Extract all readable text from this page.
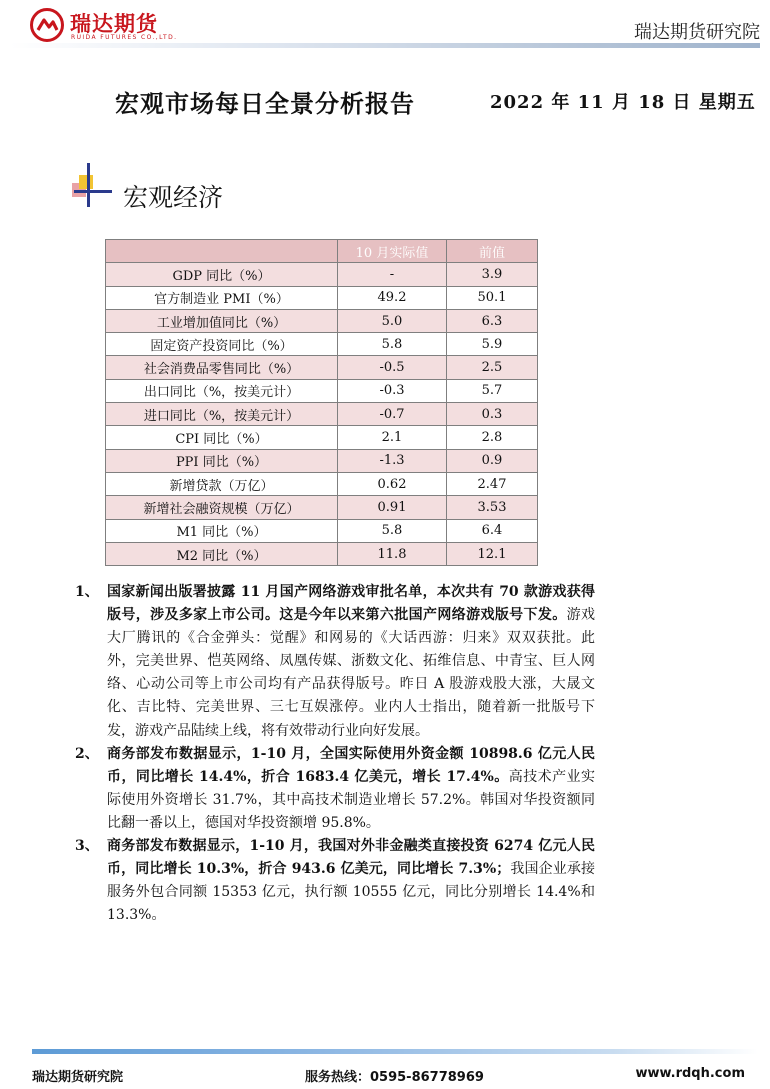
瑞达期货
RUIDA FUTURES CO.,LTD.	瑞达期货研究院
宏观市场每日全景分析报告	2022 年 11 月 18 日 星期五
宏观经济
	10 月实际值	前值
GDP 同比（%）	-	3.9
官方制造业 PMI（%）	49.2	50.1
工业增加值同比（%）	5.0	6.3
固定资产投资同比（%）	5.8	5.9
社会消费品零售同比（%）	-0.5	2.5
出口同比（%，按美元计）	-0.3	5.7
进口同比（%，按美元计）	-0.7	0.3
CPI 同比（%）	2.1	2.8
PPI 同比（%）	-1.3	0.9
新增贷款（万亿）	0.62	2.47
新增社会融资规模（万亿）	0.91	3.53
M1 同比（%）	5.8	6.4
M2 同比（%）	11.8	12.1
1、 国家新闻出版署披露 11 月国产网络游戏审批名单，本次共有 70 款游戏获得版号，涉及多家上市公司。这是今年以来第六批国产网络游戏版号下发。游戏大厂腾讯的《合金弹头：觉醒》和网易的《大话西游：归来》双双获批。此外，完美世界、恺英网络、凤凰传媒、浙数文化、拓维信息、中青宝、巨人网络、心动公司等上市公司均有产品获得版号。昨日 A 股游戏股大涨，大晟文化、吉比特、完美世界、三七互娱涨停。业内人士指出，随着新一批版号下发，游戏产品陆续上线，将有效带动行业向好发展。
2、 商务部发布数据显示，1-10 月，全国实际使用外资金额 10898.6 亿元人民币，同比增长 14.4%，折合 1683.4 亿美元，增长 17.4%。高技术产业实际使用外资增长 31.7%，其中高技术制造业增长 57.2%。韩国对华投资额同比翻一番以上，德国对华投资额增 95.8%。
3、 商务部发布数据显示，1-10 月，我国对外非金融类直接投资 6274 亿元人民币，同比增长 10.3%，折合 943.6 亿美元，同比增长 7.3%；我国企业承接服务外包合同额 15353 亿元，执行额 10555 亿元，同比分别增长 14.4%和 13.3%。
瑞达期货研究院	服务热线：0595-86778969	www.rdqh.com
